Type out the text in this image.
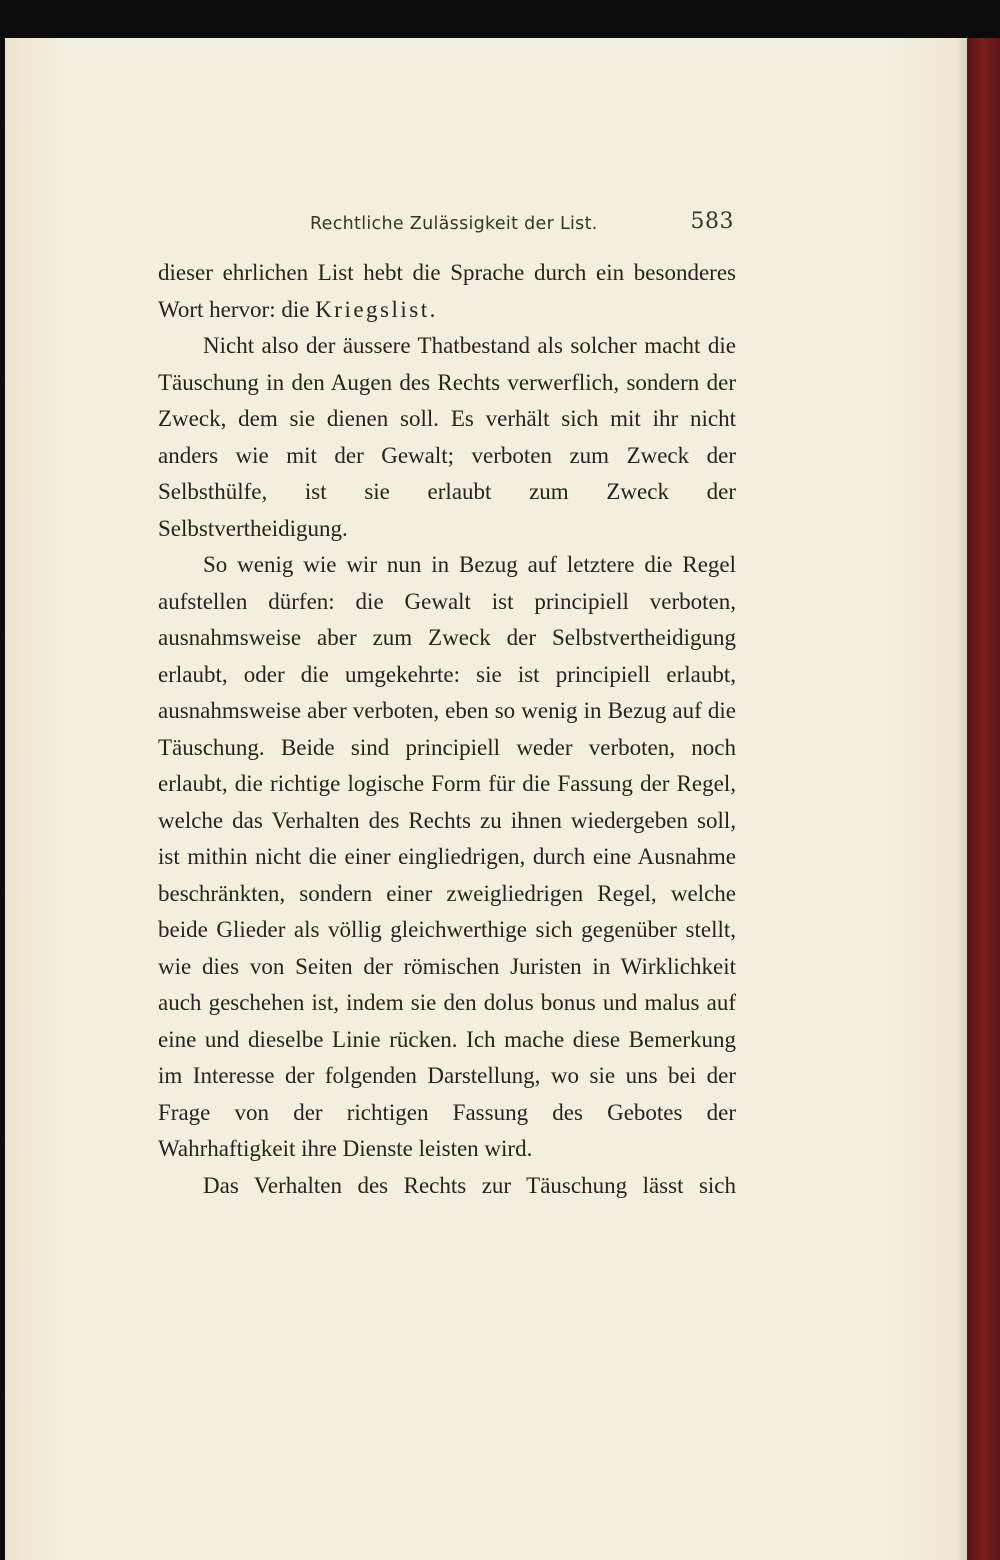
Rechtliche Zulässigkeit der List.	583

dieser ehrlichen List hebt die Sprache durch ein besonderes Wort hervor: die Kriegslist.

Nicht also der äussere Thatbestand als solcher macht die Täuschung in den Augen des Rechts verwerflich, sondern der Zweck, dem sie dienen soll. Es verhält sich mit ihr nicht anders wie mit der Gewalt; verboten zum Zweck der Selbsthülfe, ist sie erlaubt zum Zweck der Selbstvertheidigung.

So wenig wie wir nun in Bezug auf letztere die Regel aufstellen dürfen: die Gewalt ist principiell verboten, ausnahmsweise aber zum Zweck der Selbstvertheidigung erlaubt, oder die umgekehrte: sie ist principiell erlaubt, ausnahmsweise aber verboten, eben so wenig in Bezug auf die Täuschung. Beide sind principiell weder verboten, noch erlaubt, die richtige logische Form für die Fassung der Regel, welche das Verhalten des Rechts zu ihnen wiedergeben soll, ist mithin nicht die einer eingliedrigen, durch eine Ausnahme beschränkten, sondern einer zweigliedrigen Regel, welche beide Glieder als völlig gleichwerthige sich gegenüber stellt, wie dies von Seiten der römischen Juristen in Wirklichkeit auch geschehen ist, indem sie den dolus bonus und malus auf eine und dieselbe Linie rücken. Ich mache diese Bemerkung im Interesse der folgenden Darstellung, wo sie uns bei der Frage von der richtigen Fassung des Gebotes der Wahrhaftigkeit ihre Dienste leisten wird.

Das Verhalten des Rechts zur Täuschung lässt sich
